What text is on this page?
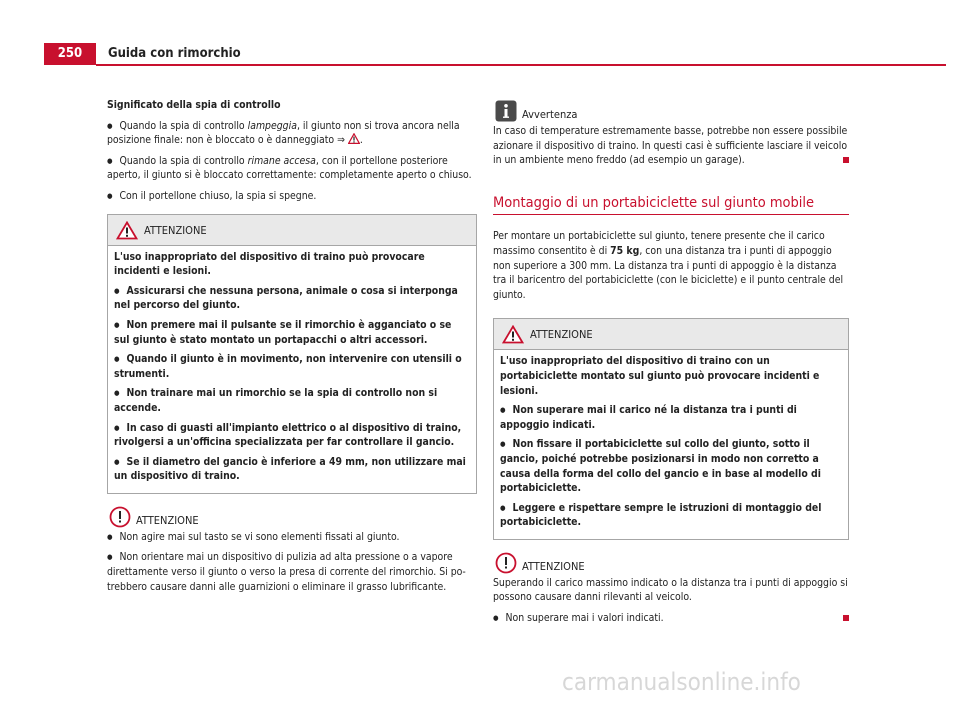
250	Guida con rimorchio

Significato della spia di controllo

● Quando la spia di controllo lampeggia, il giunto non si trova ancora nella posizione finale: non è bloccato o è danneggiato ⇒ .

● Quando la spia di controllo rimane accesa, con il portellone posteriore aperto, il giunto si è bloccato correttamente: completamente aperto o chiuso.

● Con il portellone chiuso, la spia si spegne.

ATTENZIONE

L'uso inappropriato del dispositivo di traino può provocare incidenti e lesioni.

● Assicurarsi che nessuna persona, animale o cosa si interponga nel percorso del giunto.

● Non premere mai il pulsante se il rimorchio è agganciato o se sul giunto è stato montato un portapacchi o altri accessori.

● Quando il giunto è in movimento, non intervenire con utensili o strumenti.

● Non trainare mai un rimorchio se la spia di controllo non si accende.

● In caso di guasti all'impianto elettrico o al dispositivo di traino, rivolgersi a un'officina specializzata per far controllare il gancio.

● Se il diametro del gancio è inferiore a 49 mm, non utilizzare mai un dispositivo di traino.

ATTENZIONE

● Non agire mai sul tasto se vi sono elementi fissati al giunto.

● Non orientare mai un dispositivo di pulizia ad alta pressione o a vapore direttamente verso il giunto o verso la presa di corrente del rimorchio. Si potrebbero causare danni alle guarnizioni o eliminare il grasso lubrificante.

Avvertenza

In caso di temperature estremamente basse, potrebbe non essere possibile azionare il dispositivo di traino. In questi casi è sufficiente lasciare il veicolo in un ambiente meno freddo (ad esempio un garage).

Montaggio di un portabiciclette sul giunto mobile

Per montare un portabiciclette sul giunto, tenere presente che il carico massimo consentito è di 75 kg, con una distanza tra i punti di appoggio non superiore a 300 mm. La distanza tra i punti di appoggio è la distanza tra il baricentro del portabiciclette (con le biciclette) e il punto centrale del giunto.

ATTENZIONE

L'uso inappropriato del dispositivo di traino con un portabiciclette montato sul giunto può provocare incidenti e lesioni.

● Non superare mai il carico né la distanza tra i punti di appoggio indicati.

● Non fissare il portabiciclette sul collo del giunto, sotto il gancio, poiché potrebbe posizionarsi in modo non corretto a causa della forma del collo del gancio e in base al modello di portabiciclette.

● Leggere e rispettare sempre le istruzioni di montaggio del portabiciclette.

ATTENZIONE

Superando il carico massimo indicato o la distanza tra i punti di appoggio si possono causare danni rilevanti al veicolo.

● Non superare mai i valori indicati.

carmanualsonline.info
